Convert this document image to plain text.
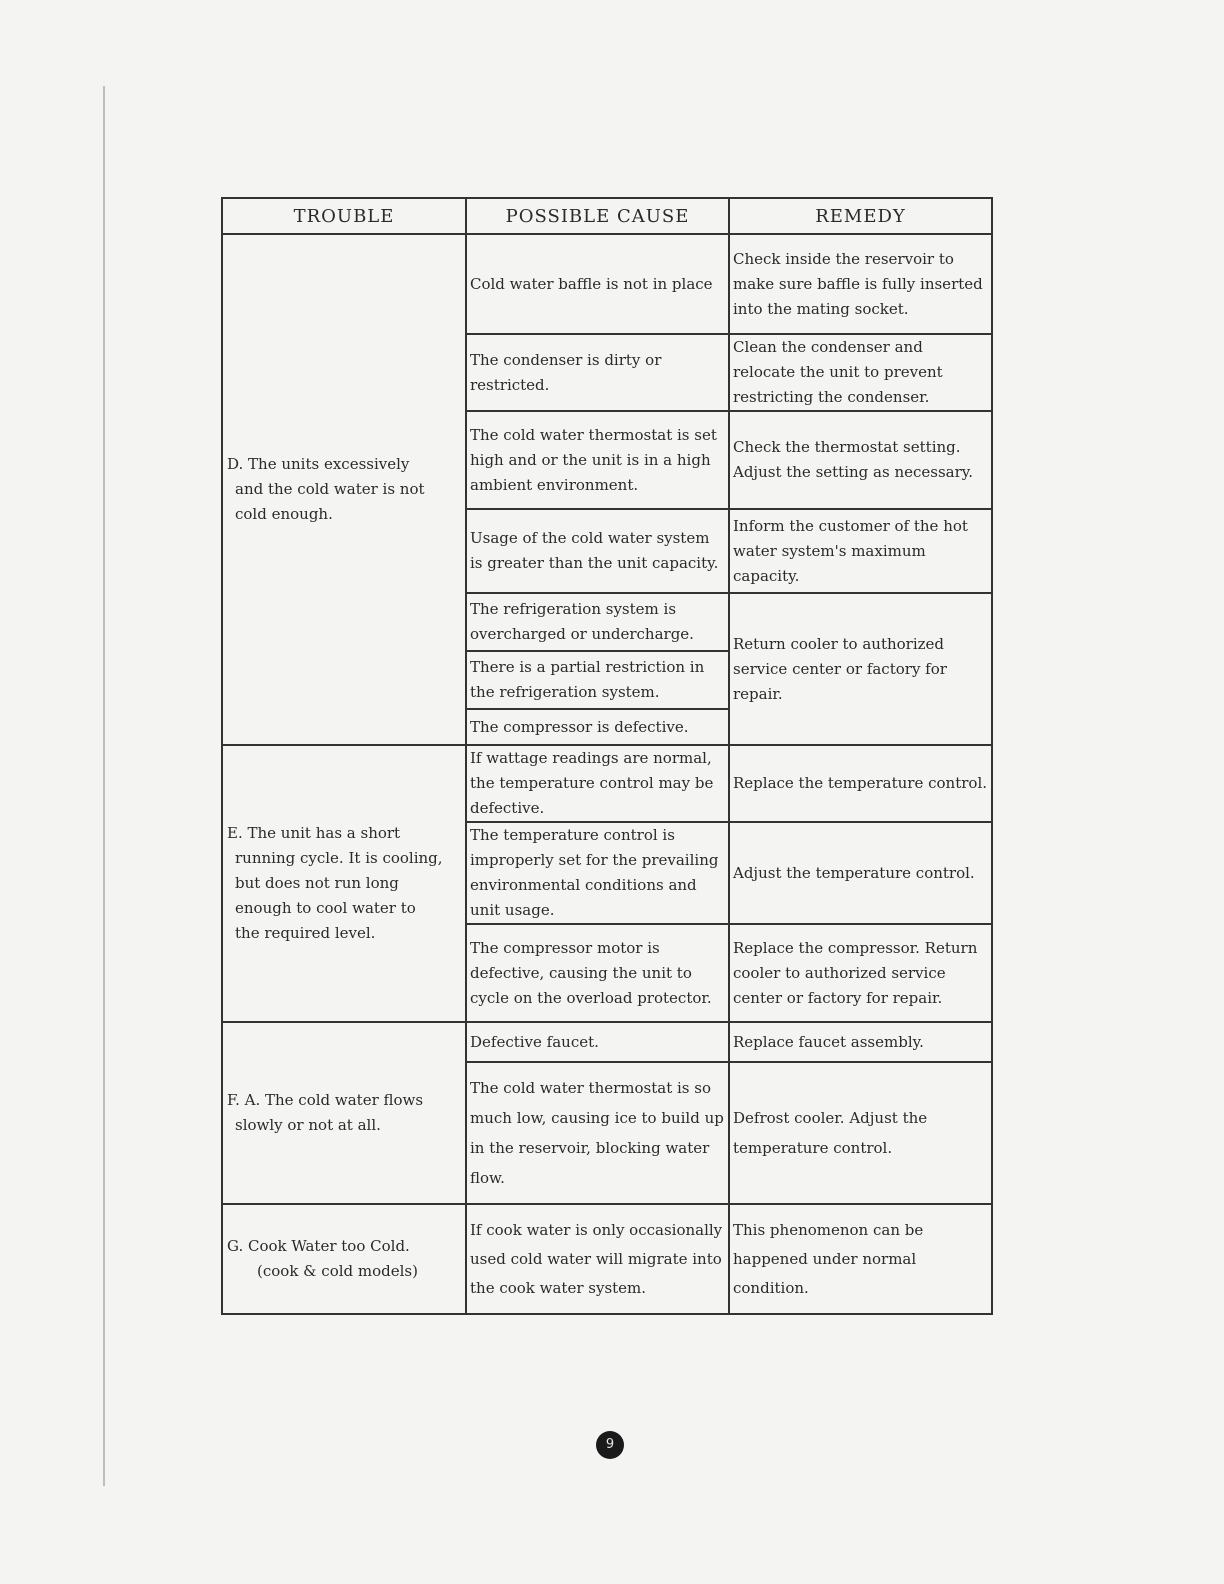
TROUBLE	POSSIBLE CAUSE	REMEDY

D. The units excessively
and the cold water is not
cold enough.	Cold water baffle is not in place	Check inside the reservoir to make sure baffle is fully inserted into the mating socket.
	The condenser is dirty or restricted.	Clean the condenser and relocate the unit to prevent restricting the condenser.
	The cold water thermostat is set high and or the unit is in a high ambient environment.	Check the thermostat setting. Adjust the setting as necessary.
	Usage of the cold water system is greater than the unit capacity.	Inform the customer of the hot water system's maximum capacity.
	The refrigeration system is overcharged or undercharge.	Return cooler to authorized service center or factory for repair.
	There is a partial restriction in the refrigeration system.	
	The compressor is defective.	

E. The unit has a short
running cycle. It is cooling,
but does not run long
enough to cool water to
the required level.	If wattage readings are normal, the temperature control may be defective.	Replace the temperature control.
	The temperature control is improperly set for the prevailing environmental conditions and unit usage.	Adjust the temperature control.
	The compressor motor is defective, causing the unit to cycle on the overload protector.	Replace the compressor. Return cooler to authorized service center or factory for repair.

F. A. The cold water flows
slowly or not at all.	Defective faucet.	Replace faucet assembly.
	The cold water thermostat is so much low, causing ice to build up in the reservoir, blocking water flow.	Defrost cooler. Adjust the temperature control.

G. Cook Water too Cold.
(cook & cold models)	If cook water is only occasionally used cold water will migrate into the cook water system.	This phenomenon can be happened under normal condition.
9
